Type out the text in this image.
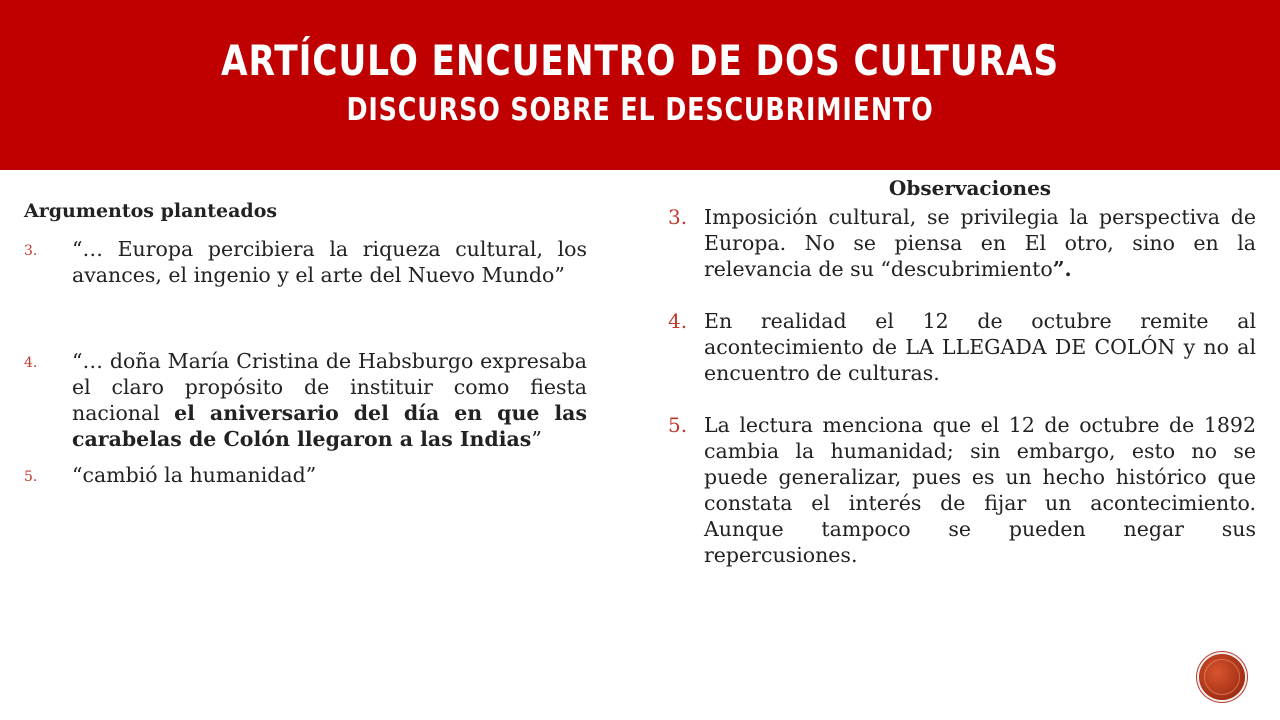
ARTÍCULO ENCUENTRO DE DOS CULTURAS
DISCURSO SOBRE EL DESCUBRIMIENTO
Argumentos planteados
3.	“… Europa percibiera la riqueza cultural, los avances, el ingenio y el arte del Nuevo Mundo”
4.	“… doña María Cristina de Habsburgo expresaba el claro propósito de instituir como fiesta nacional el aniversario del día en que las carabelas de Colón llegaron a las Indias”
5.	“cambió la humanidad”
Observaciones
3. Imposición cultural, se privilegia la perspectiva de Europa. No se piensa en El otro, sino en la relevancia de su “descubrimiento”.
4. En realidad el 12 de octubre remite al acontecimiento de LA LLEGADA DE COLÓN y no al encuentro de culturas.
5. La lectura menciona que el 12 de octubre de 1892 cambia la humanidad; sin embargo, esto no se puede generalizar, pues es un hecho histórico que constata el interés de fijar un acontecimiento. Aunque tampoco se pueden negar sus repercusiones.
